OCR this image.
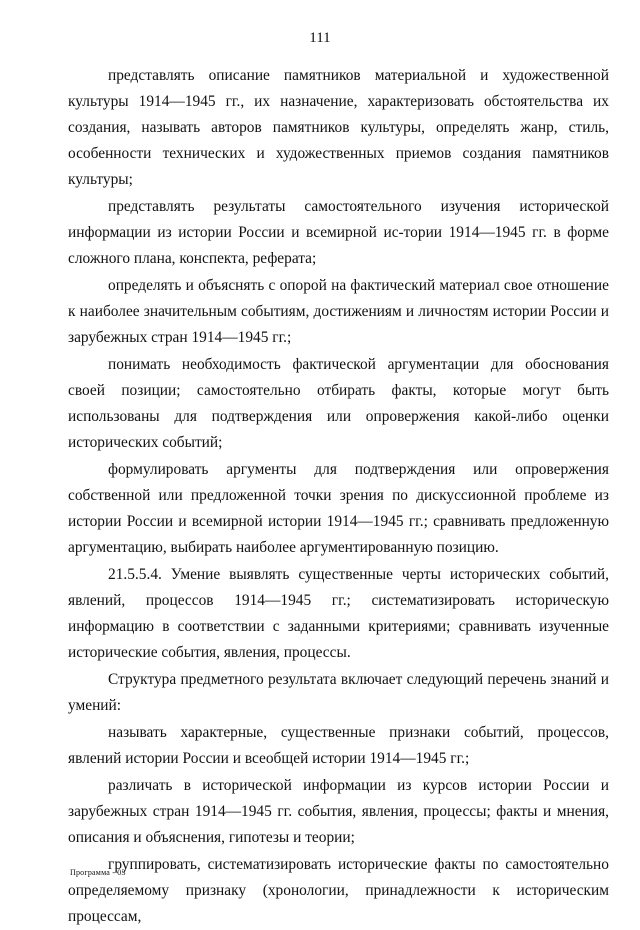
111

представлять описание памятников материальной и художественной культуры 1914—1945 гг., их назначение, характеризовать обстоятельства их создания, называть авторов памятников культуры, определять жанр, стиль, особенности технических и художественных приемов создания памятников культуры;

представлять результаты самостоятельного изучения исторической информации из истории России и всемирной ис-тории 1914—1945 гг. в форме сложного плана, конспекта, реферата;

определять и объяснять с опорой на фактический материал свое отношение к наиболее значительным событиям, достижениям и личностям истории России и зарубежных стран 1914—1945 гг.;

понимать необходимость фактической аргументации для обоснования своей позиции; самостоятельно отбирать факты, которые могут быть использованы для подтверждения или опровержения какой-либо оценки исторических событий;

формулировать аргументы для подтверждения или опровержения собственной или предложенной точки зрения по дискуссионной проблеме из истории России и всемирной истории 1914—1945 гг.; сравнивать предложенную аргументацию, выбирать наиболее аргументированную позицию.

21.5.5.4. Умение выявлять существенные черты исторических событий, явлений, процессов 1914—1945 гг.; систематизировать историческую информацию в соответствии с заданными критериями; сравнивать изученные исторические события, явления, процессы.

Структура предметного результата включает следующий перечень знаний и умений:

называть характерные, существенные признаки событий, процессов, явлений истории России и всеобщей истории 1914—1945 гг.;

различать в исторической информации из курсов истории России и зарубежных стран 1914—1945 гг. события, явления, процессы; факты и мнения, описания и объяснения, гипотезы и теории;

группировать, систематизировать исторические факты по самостоятельно определяемому признаку (хронологии, принадлежности к историческим процессам,

Программа - 03
